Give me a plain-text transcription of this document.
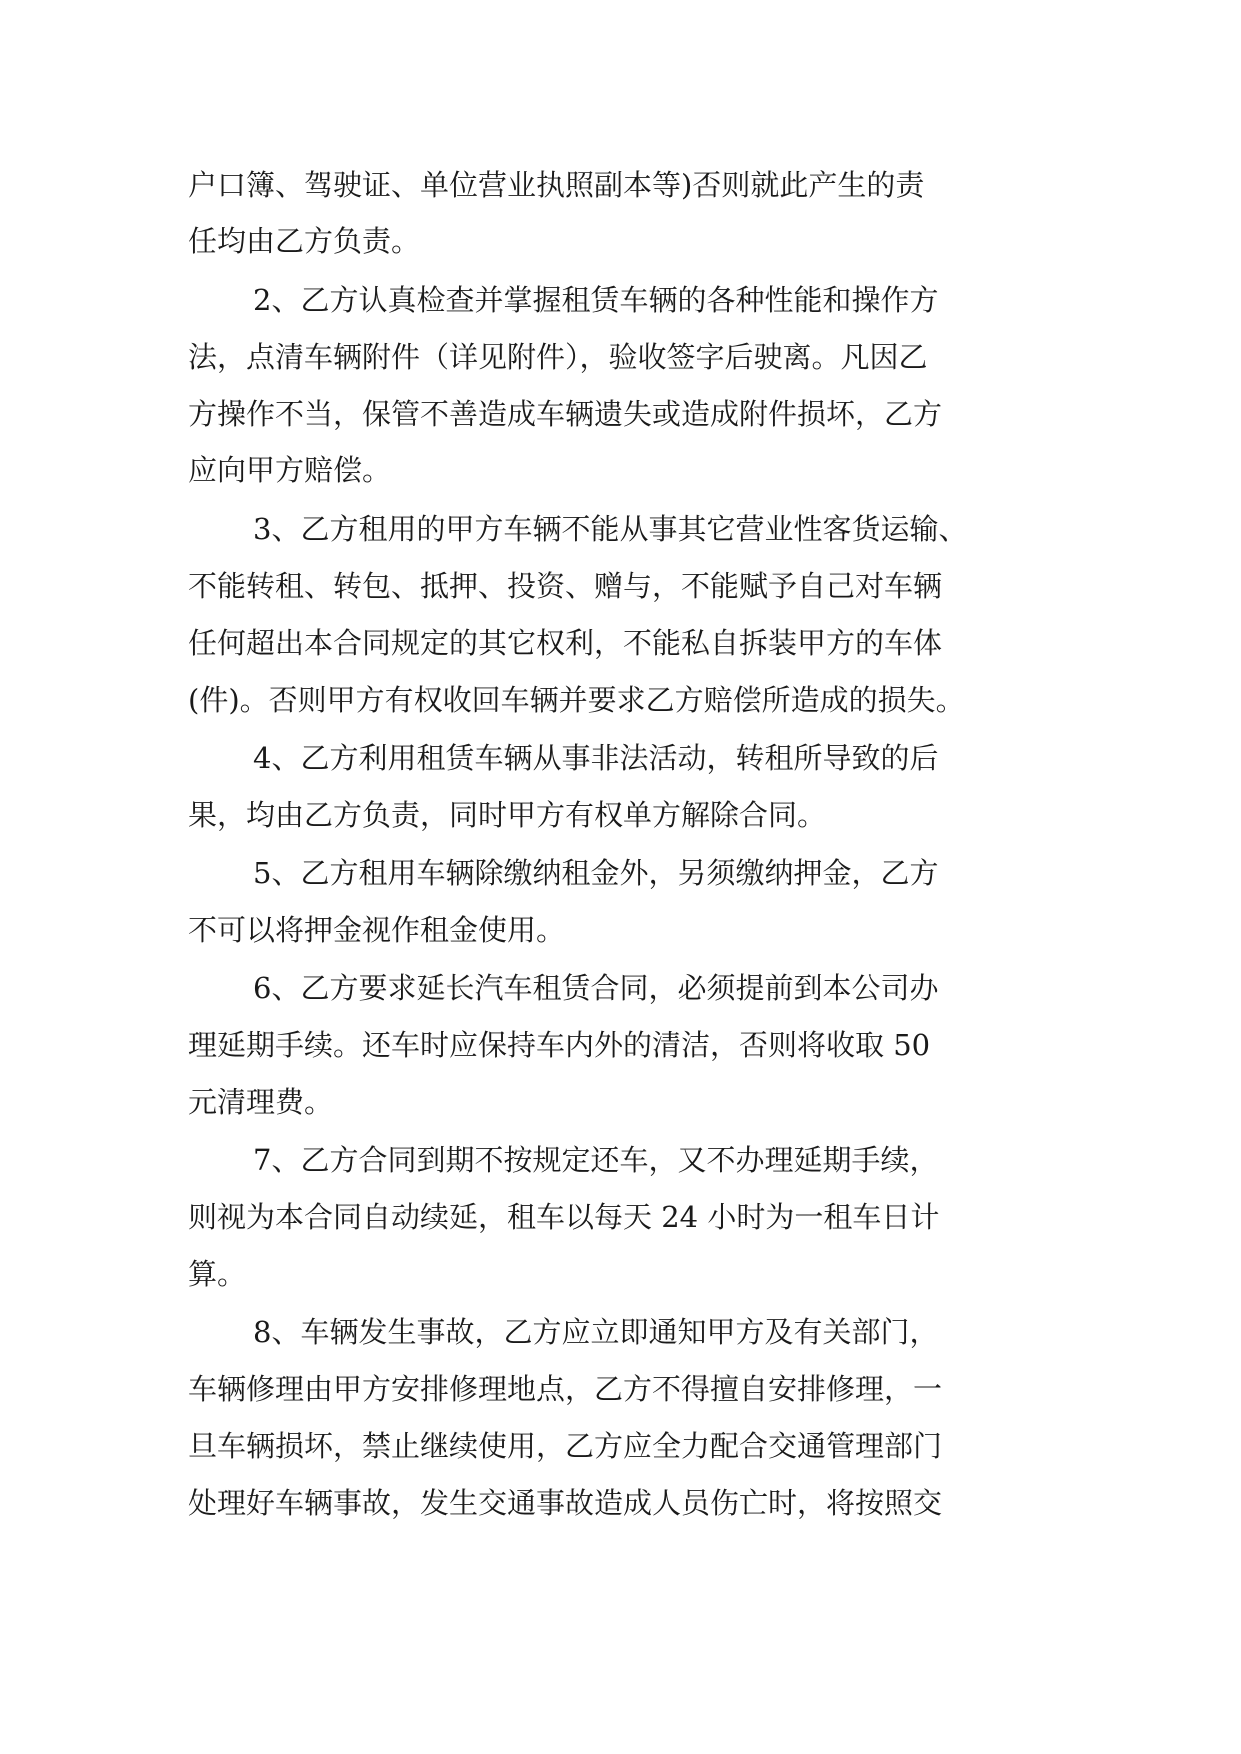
户口簿、驾驶证、单位营业执照副本等)否则就此产生的责

任均由乙方负责。

2、乙方认真检查并掌握租赁车辆的各种性能和操作方

法，点清车辆附件（详见附件），验收签字后驶离。凡因乙

方操作不当，保管不善造成车辆遗失或造成附件损坏，乙方

应向甲方赔偿。

3、乙方租用的甲方车辆不能从事其它营业性客货运输、

不能转租、转包、抵押、投资、赠与，不能赋予自己对车辆

任何超出本合同规定的其它权利，不能私自拆装甲方的车体

(件)。否则甲方有权收回车辆并要求乙方赔偿所造成的损失。

4、乙方利用租赁车辆从事非法活动，转租所导致的后

果，均由乙方负责，同时甲方有权单方解除合同。

5、乙方租用车辆除缴纳租金外，另须缴纳押金，乙方

不可以将押金视作租金使用。

6、乙方要求延长汽车租赁合同，必须提前到本公司办

理延期手续。还车时应保持车内外的清洁，否则将收取 50

元清理费。

7、乙方合同到期不按规定还车，又不办理延期手续，

则视为本合同自动续延，租车以每天 24 小时为一租车日计

算。

8、车辆发生事故，乙方应立即通知甲方及有关部门，

车辆修理由甲方安排修理地点，乙方不得擅自安排修理，一

旦车辆损坏，禁止继续使用，乙方应全力配合交通管理部门

处理好车辆事故，发生交通事故造成人员伤亡时，将按照交
